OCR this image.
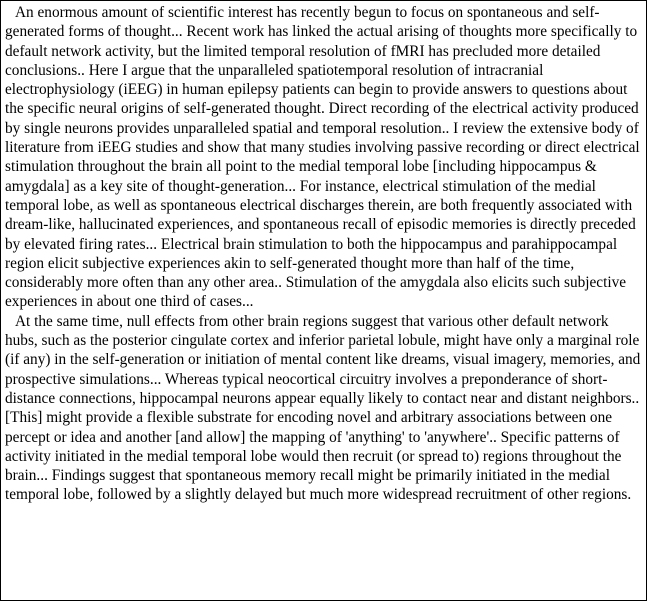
An enormous amount of scientific interest has recently begun to focus on spontaneous and self-generated forms of thought... Recent work has linked the actual arising of thoughts more specifically to default network activity, but the limited temporal resolution of fMRI has precluded more detailed conclusions.. Here I argue that the unparalleled spatiotemporal resolution of intracranial electrophysiology (iEEG) in human epilepsy patients can begin to provide answers to questions about the specific neural origins of self-generated thought. Direct recording of the electrical activity produced by single neurons provides unparalleled spatial and temporal resolution.. I review the extensive body of literature from iEEG studies and show that many studies involving passive recording or direct electrical stimulation throughout the brain all point to the medial temporal lobe [including hippocampus & amygdala] as a key site of thought-generation... For instance, electrical stimulation of the medial temporal lobe, as well as spontaneous electrical discharges therein, are both frequently associated with dream-like, hallucinated experiences, and spontaneous recall of episodic memories is directly preceded by elevated firing rates... Electrical brain stimulation to both the hippocampus and parahippocampal region elicit subjective experiences akin to self-generated thought more than half of the time, considerably more often than any other area.. Stimulation of the amygdala also elicits such subjective experiences in about one third of cases...

At the same time, null effects from other brain regions suggest that various other default network hubs, such as the posterior cingulate cortex and inferior parietal lobule, might have only a marginal role (if any) in the self-generation or initiation of mental content like dreams, visual imagery, memories, and prospective simulations... Whereas typical neocortical circuitry involves a preponderance of short-distance connections, hippocampal neurons appear equally likely to contact near and distant neighbors.. [This] might provide a flexible substrate for encoding novel and arbitrary associations between one percept or idea and another [and allow] the mapping of 'anything' to 'anywhere'.. Specific patterns of activity initiated in the medial temporal lobe would then recruit (or spread to) regions throughout the brain... Findings suggest that spontaneous memory recall might be primarily initiated in the medial temporal lobe, followed by a slightly delayed but much more widespread recruitment of other regions.
